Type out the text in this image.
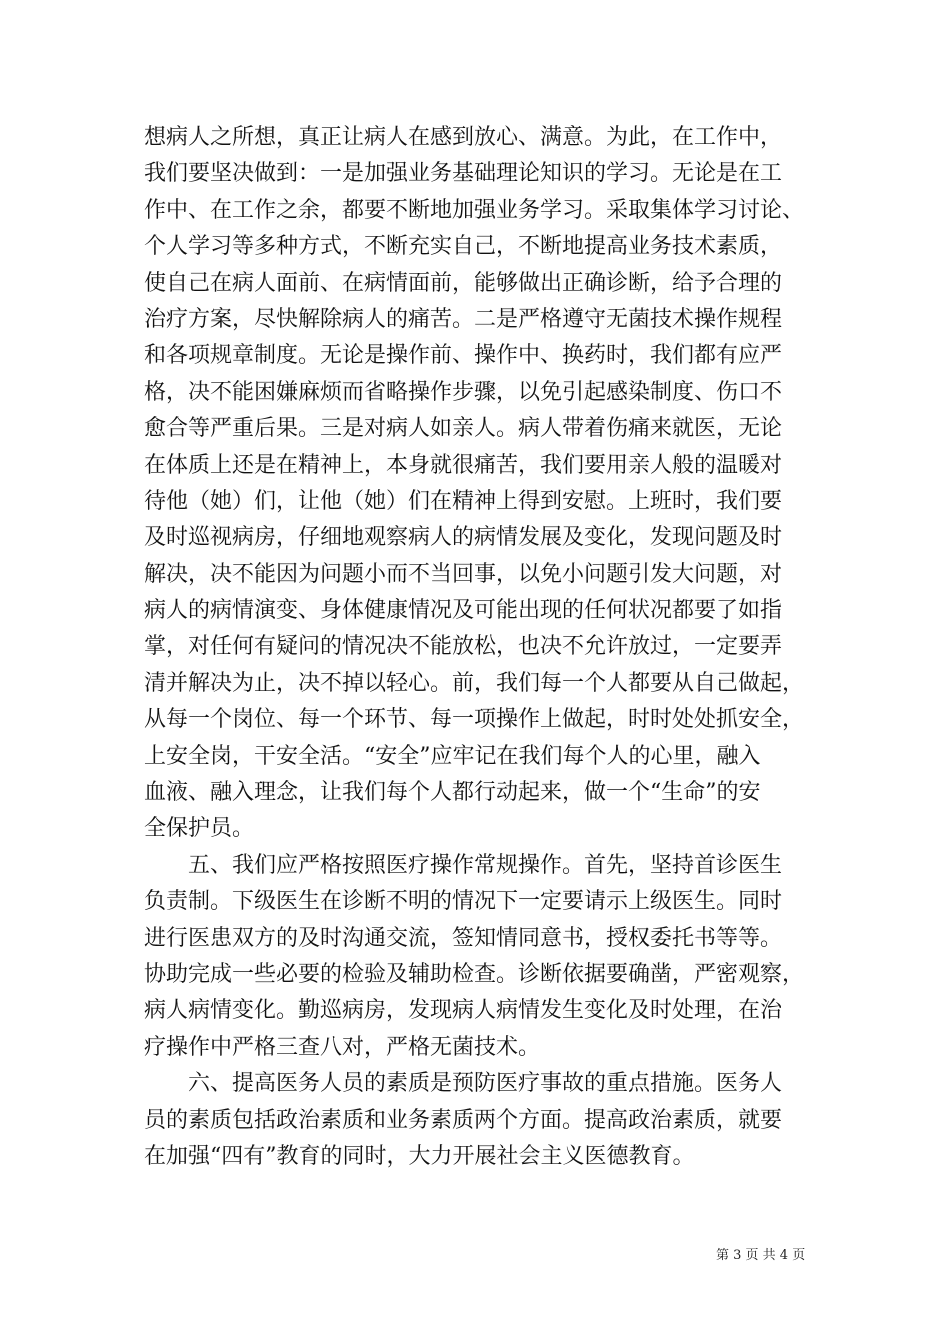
想病人之所想，真正让病人在感到放心、满意。为此，在工作中，
我们要坚决做到：一是加强业务基础理论知识的学习。无论是在工
作中、在工作之余，都要不断地加强业务学习。采取集体学习讨论、
个人学习等多种方式，不断充实自己，不断地提高业务技术素质，
使自己在病人面前、在病情面前，能够做出正确诊断，给予合理的
治疗方案，尽快解除病人的痛苦。二是严格遵守无菌技术操作规程
和各项规章制度。无论是操作前、操作中、换药时，我们都有应严
格，决不能困嫌麻烦而省略操作步骤，以免引起感染制度、伤口不
愈合等严重后果。三是对病人如亲人。病人带着伤痛来就医，无论
在体质上还是在精神上，本身就很痛苦，我们要用亲人般的温暖对
待他（她）们，让他（她）们在精神上得到安慰。上班时，我们要
及时巡视病房，仔细地观察病人的病情发展及变化，发现问题及时
解决，决不能因为问题小而不当回事，以免小问题引发大问题，对
病人的病情演变、身体健康情况及可能出现的任何状况都要了如指
掌，对任何有疑问的情况决不能放松，也决不允许放过，一定要弄
清并解决为止，决不掉以轻心。前，我们每一个人都要从自己做起，
从每一个岗位、每一个环节、每一项操作上做起，时时处处抓安全，
上安全岗，干安全活。“安全”应牢记在我们每个人的心里，融入
血液、融入理念，让我们每个人都行动起来，做一个“生命”的安
全保护员。
五、我们应严格按照医疗操作常规操作。首先，坚持首诊医生
负责制。下级医生在诊断不明的情况下一定要请示上级医生。同时
进行医患双方的及时沟通交流，签知情同意书，授权委托书等等。
协助完成一些必要的检验及辅助检查。诊断依据要确凿，严密观察，
病人病情变化。勤巡病房，发现病人病情发生变化及时处理，在治
疗操作中严格三查八对，严格无菌技术。
六、提高医务人员的素质是预防医疗事故的重点措施。医务人
员的素质包括政治素质和业务素质两个方面。提高政治素质，就要
在加强“四有”教育的同时，大力开展社会主义医德教育。
第 3 页 共 4 页
